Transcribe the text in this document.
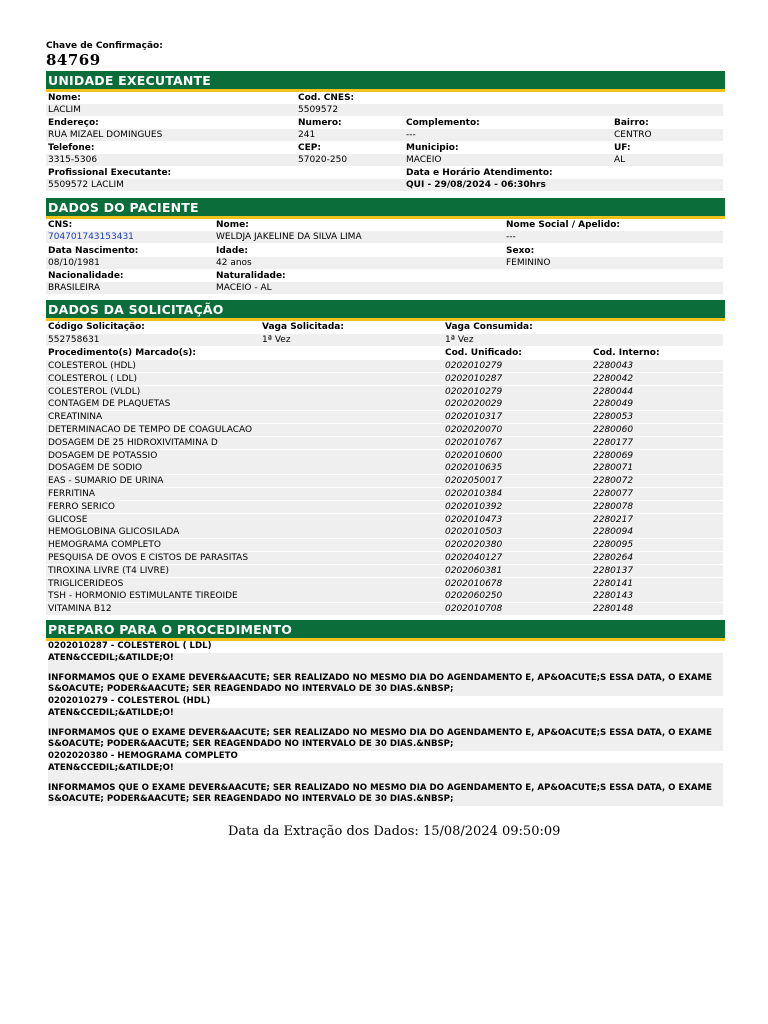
Chave de Confirmação:
84769
UNIDADE EXECUTANTE
Nome:	Cod. CNES:
LACLIM	5509572
Endereço:	Numero:	Complemento:	Bairro:
RUA MIZAEL DOMINGUES	241	---	CENTRO
Telefone:	CEP:	Municipio:	UF:
3315-5306	57020-250	MACEIO	AL
Profissional Executante:	Data e Horário Atendimento:
5509572 LACLIM	QUI - 29/08/2024 - 06:30hrs
DADOS DO PACIENTE
CNS:	Nome:	Nome Social / Apelido:
704701743153431	WELDJA JAKELINE DA SILVA LIMA	---
Data Nascimento:	Idade:	Sexo:
08/10/1981	42 anos	FEMININO
Nacionalidade:	Naturalidade:
BRASILEIRA	MACEIO - AL
DADOS DA SOLICITAÇÃO
Código Solicitação:	Vaga Solicitada:	Vaga Consumida:
552758631	1ª Vez	1ª Vez
Procedimento(s) Marcado(s):	Cod. Unificado:	Cod. Interno:
COLESTEROL (HDL)	0202010279	2280043
COLESTEROL ( LDL)	0202010287	2280042
COLESTEROL (VLDL)	0202010279	2280044
CONTAGEM DE PLAQUETAS	0202020029	2280049
CREATININA	0202010317	2280053
DETERMINACAO DE TEMPO DE COAGULACAO	0202020070	2280060
DOSAGEM DE 25 HIDROXIVITAMINA D	0202010767	2280177
DOSAGEM DE POTASSIO	0202010600	2280069
DOSAGEM DE SODIO	0202010635	2280071
EAS - SUMARIO DE URINA	0202050017	2280072
FERRITINA	0202010384	2280077
FERRO SERICO	0202010392	2280078
GLICOSE	0202010473	2280217
HEMOGLOBINA GLICOSILADA	0202010503	2280094
HEMOGRAMA COMPLETO	0202020380	2280095
PESQUISA DE OVOS E CISTOS DE PARASITAS	0202040127	2280264
TIROXINA LIVRE (T4 LIVRE)	0202060381	2280137
TRIGLICERIDEOS	0202010678	2280141
TSH - HORMONIO ESTIMULANTE TIREOIDE	0202060250	2280143
VITAMINA B12	0202010708	2280148
PREPARO PARA O PROCEDIMENTO
0202010287 - COLESTEROL ( LDL)
ATEN&CCEDIL;&ATILDE;O!
INFORMAMOS QUE O EXAME DEVER&AACUTE; SER REALIZADO NO MESMO DIA DO AGENDAMENTO E, AP&OACUTE;S ESSA DATA, O EXAME S&OACUTE; PODER&AACUTE; SER REAGENDADO NO INTERVALO DE 30 DIAS.&NBSP;
0202010279 - COLESTEROL (HDL)
ATEN&CCEDIL;&ATILDE;O!
INFORMAMOS QUE O EXAME DEVER&AACUTE; SER REALIZADO NO MESMO DIA DO AGENDAMENTO E, AP&OACUTE;S ESSA DATA, O EXAME S&OACUTE; PODER&AACUTE; SER REAGENDADO NO INTERVALO DE 30 DIAS.&NBSP;
0202020380 - HEMOGRAMA COMPLETO
ATEN&CCEDIL;&ATILDE;O!
INFORMAMOS QUE O EXAME DEVER&AACUTE; SER REALIZADO NO MESMO DIA DO AGENDAMENTO E, AP&OACUTE;S ESSA DATA, O EXAME S&OACUTE; PODER&AACUTE; SER REAGENDADO NO INTERVALO DE 30 DIAS.&NBSP;
Data da Extração dos Dados: 15/08/2024 09:50:09
